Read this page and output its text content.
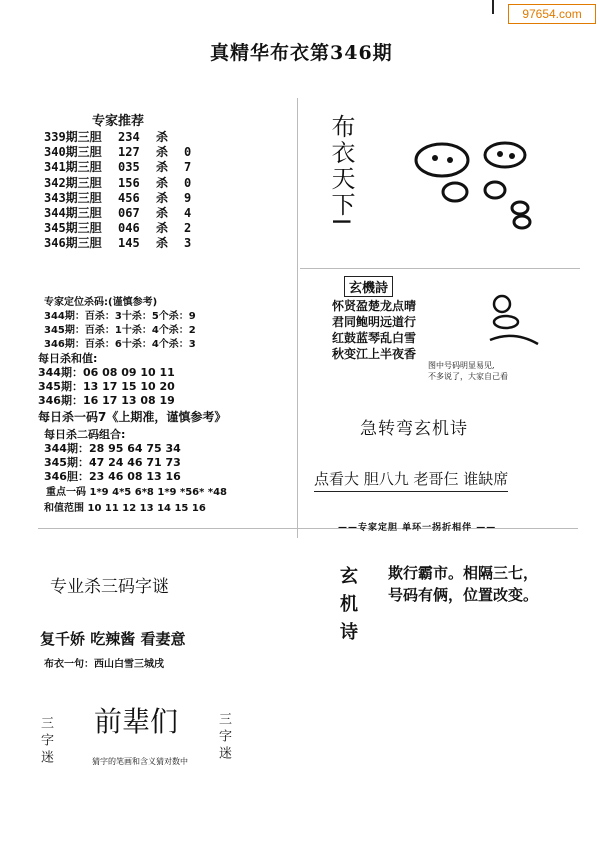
97654.com
真精华布衣第346期
专家推荐
339期三胆 234 杀
340期三胆 127 杀 0
341期三胆 035 杀 7
342期三胆 156 杀 0
343期三胆 456 杀 9
344期三胆 067 杀 4
345期三胆 046 杀 2
346期三胆 145 杀 3
专家定位杀码:(谨慎参考)
344期：百杀：3十杀：5个杀：9
345期：百杀：1十杀：4个杀：2
346期：百杀：6十杀：4个杀：3
每日杀和值:
344期：06 08 09 10 11
345期：13 17 15 10 20
346期：16 17 13 08 19
每日杀一码7《上期准，谨慎参考》
每日杀二码组合:
344期：28 95 64 75 34
345期：47 24 46 71 73
346胆：23 46 08 13 16
重点一码 1*9 4*5 6*8 1*9 *56* *48
和值范围 10 11 12 13 14 15 16
专业杀三码字谜
复千娇 吃辣酱 看妻意
布衣一句：西山白雪三城戌
三字迷 前辈们	三字迷
猜字的笔画和含义猜对数中
布衣天下I
玄機詩
怀贤盈楚龙点晴
君同鲍明远道行
红鼓蓝琴乱白雪
秋变江上半夜香
图中号码明显易见,
不多说了，大家自己看
急转弯玄机诗
点看大 胆八九 老哥仨 谁缺席
——专家定胆 单环一拐折相伴 ——
玄机诗 欺行霸市。相隔三七，
号码有俩，位置改变。
